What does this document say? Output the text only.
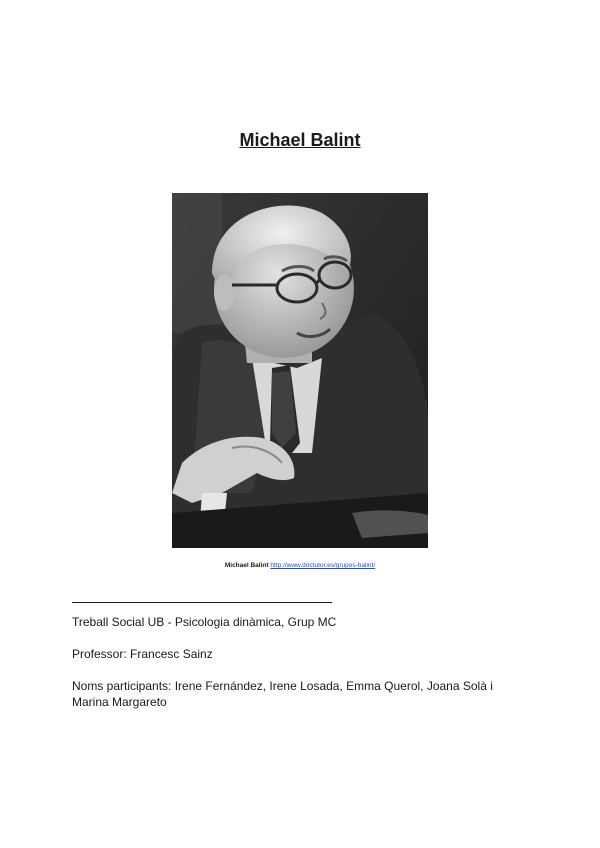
Michael Balint
Michael Balint http://www.doctutor.es/grupos-balint/
Treball Social UB - Psicologia dinàmica, Grup MC
Professor: Francesc Sainz
Noms participants: Irene Fernández, Irene Losada, Emma Querol, Joana Solà i
Marina Margareto
